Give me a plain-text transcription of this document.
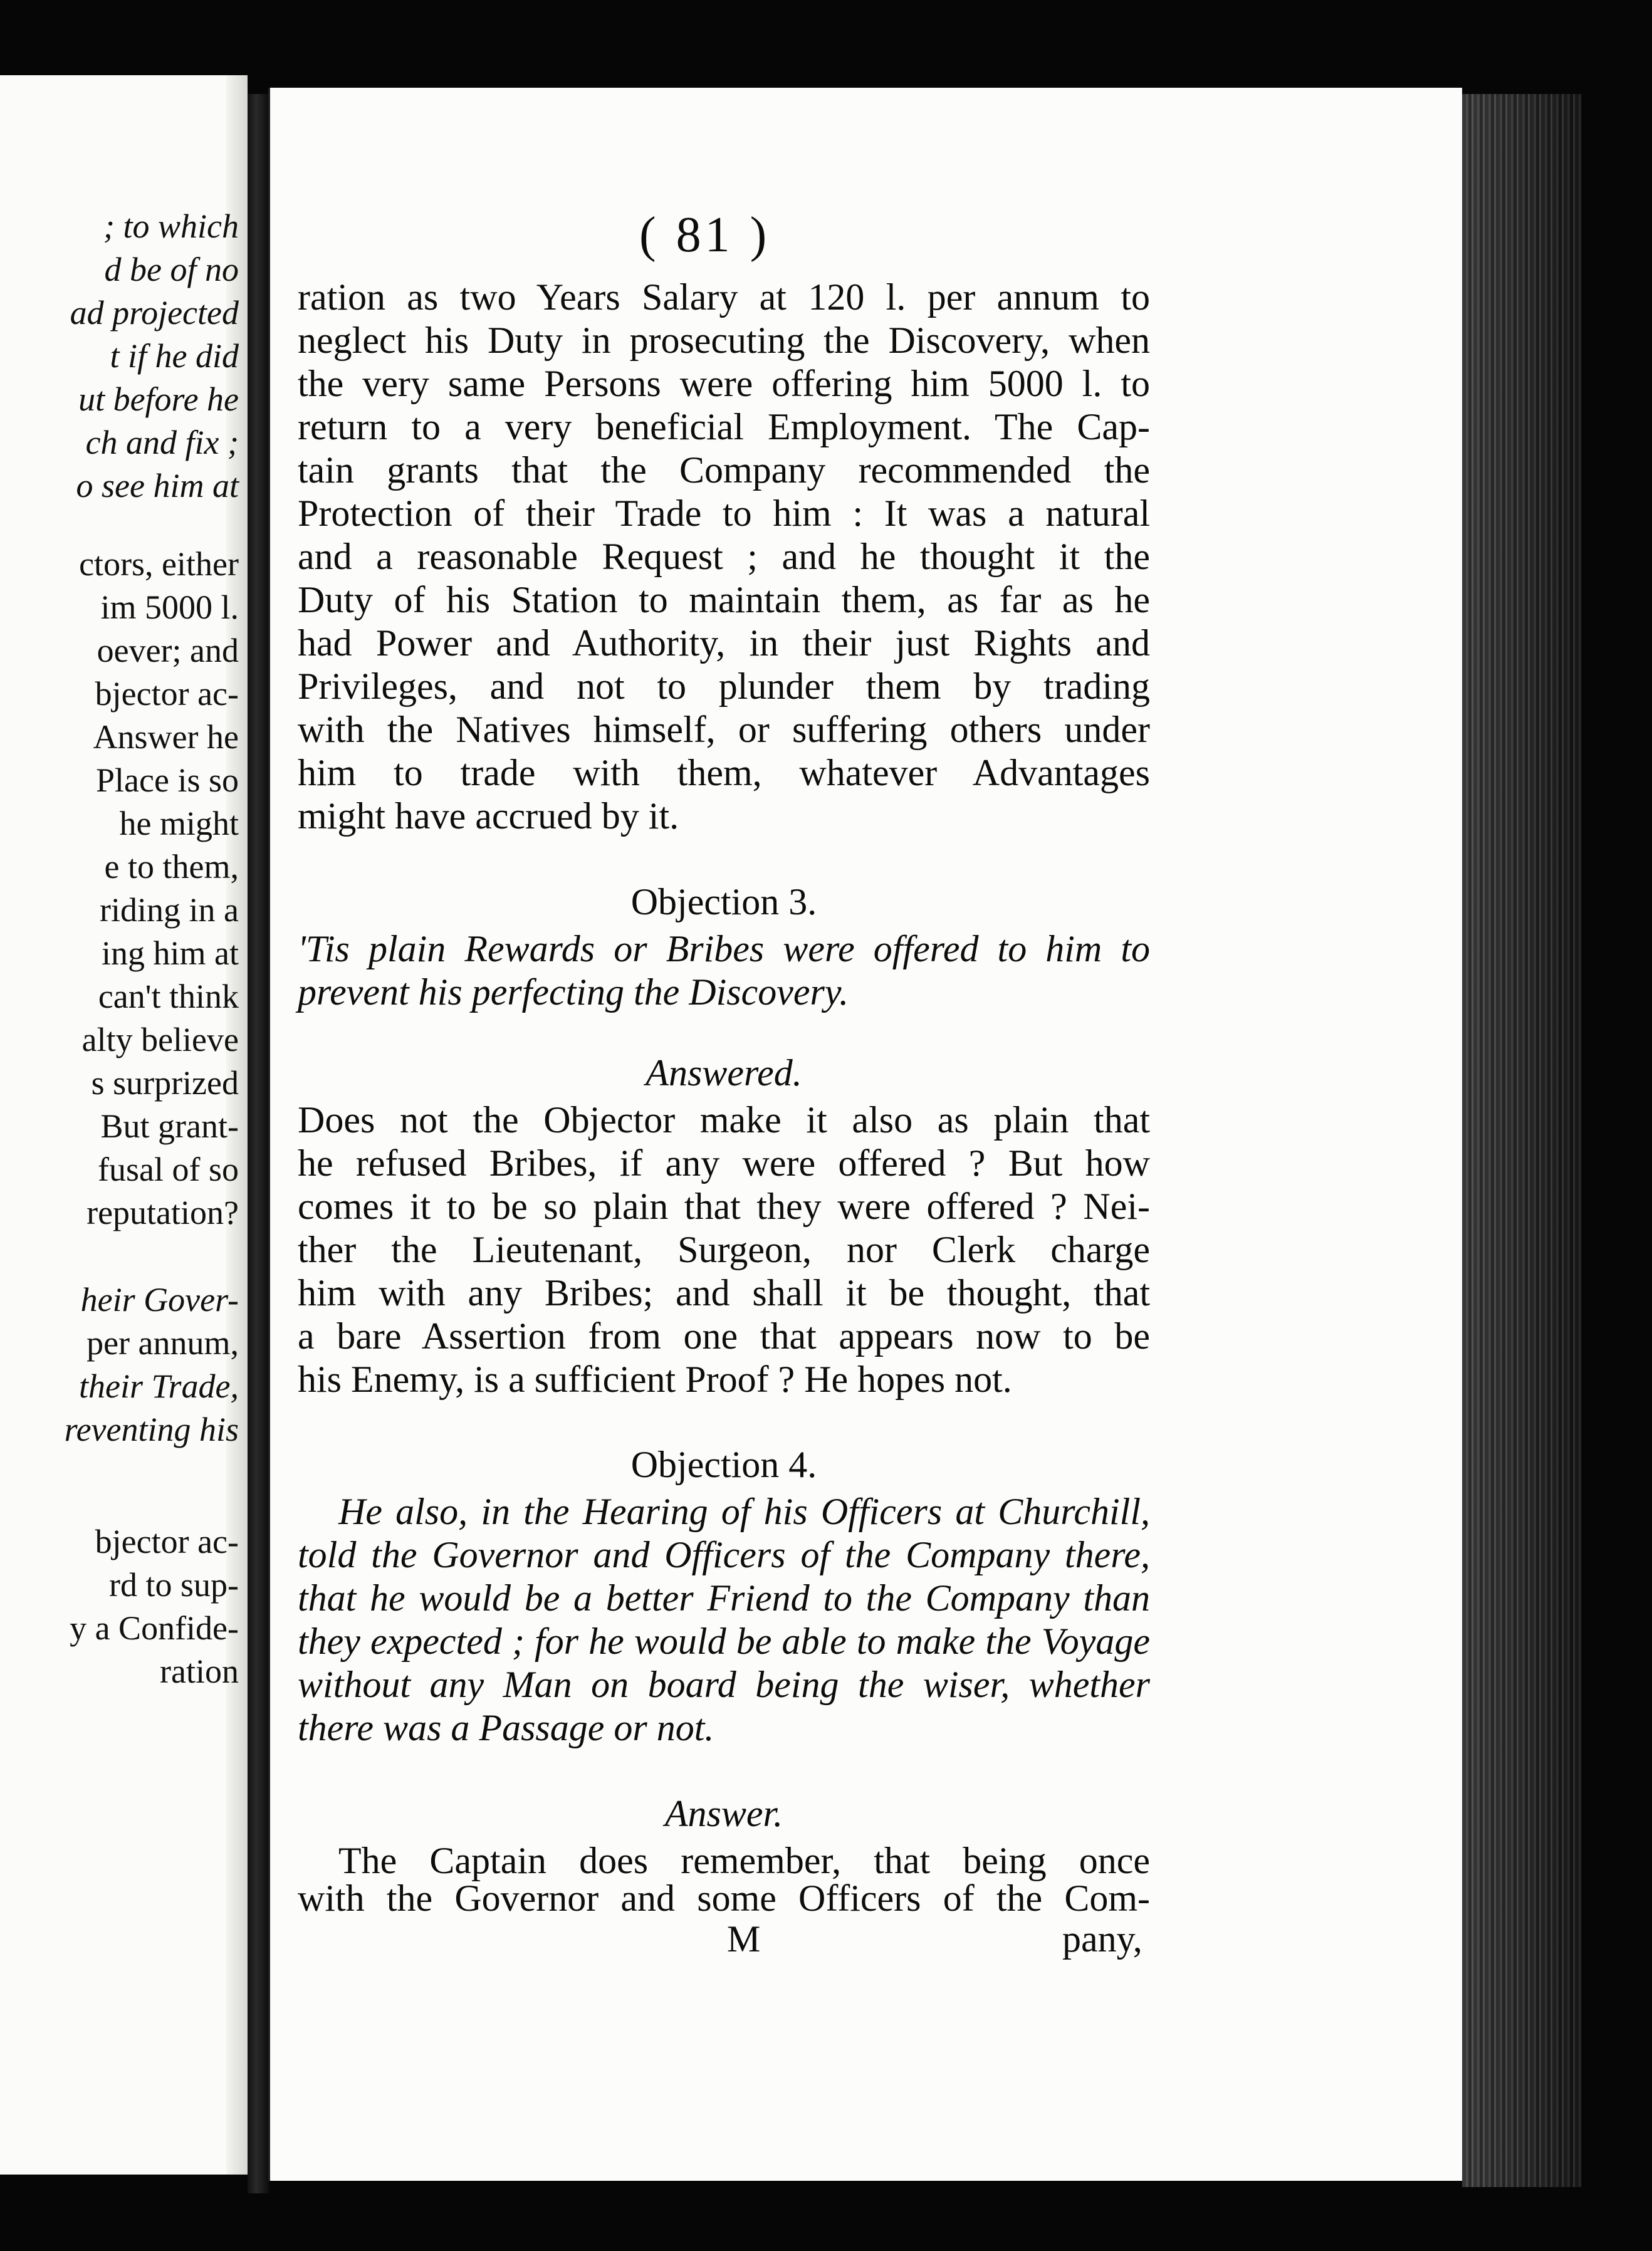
; to which
d be of no
ad projected
t if he did
ut before he
ch and fix ;
o see him at
ctors, either
im 5000 l.
oever; and
bjector ac-
Answer he
Place is so
he might
e to them,
riding in a
ing him at
can't think
alty believe
s surprized
But grant-
fusal of so
reputation?
heir Gover-
per annum,
their Trade,
reventing his
bjector ac-
rd to sup-
y a Confide-
ration
( 81 )
ration as two Years Salary at 120 l. per annum to
neglect his Duty in prosecuting the Discovery, when
the very same Persons were offering him 5000 l. to
return to a very beneficial Employment. The Cap-
tain grants that the Company recommended the
Protection of their Trade to him : It was a natural
and a reasonable Request ; and he thought it the
Duty of his Station to maintain them, as far as he
had Power and Authority, in their just Rights and
Privileges, and not to plunder them by trading
with the Natives himself, or suffering others under
him to trade with them, whatever Advantages
might have accrued by it.
Objection 3.
'Tis plain Rewards or Bribes were offered to him to
prevent his perfecting the Discovery.
Answered.
Does not the Objector make it also as plain that
he refused Bribes, if any were offered ? But how
comes it to be so plain that they were offered ? Nei-
ther the Lieutenant, Surgeon, nor Clerk charge
him with any Bribes; and shall it be thought, that
a bare Assertion from one that appears now to be
his Enemy, is a sufficient Proof ? He hopes not.
Objection 4.
He also, in the Hearing of his Officers at Churchill,
told the Governor and Officers of the Company there,
that he would be a better Friend to the Company than
they expected ; for he would be able to make the Voyage
without any Man on board being the wiser, whether
there was a Passage or not.
Answer.
The Captain does remember, that being once
with the Governor and some Officers of the Com-
M	pany,
